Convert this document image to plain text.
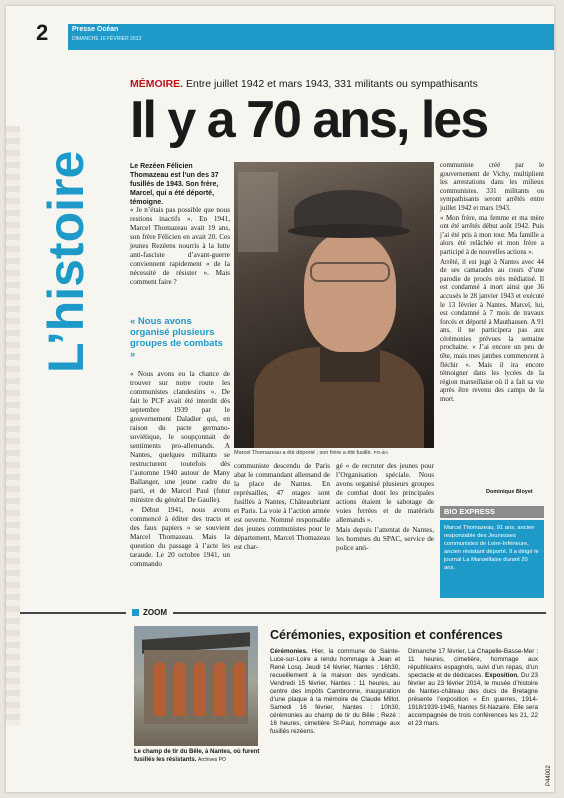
2	Presse Océan
DIMANCHE 16 FÉVRIER 2013
L’histoire
MÉMOIRE. Entre juillet 1942 et mars 1943, 331 militants ou sympathisants
Il y a 70 ans, les
Le Rezéen Félicien Thomazeau est l’un des 37 fusillés de 1943. Son frère, Marcel, qui a été déporté, témoigne.

« Je n’étais pas possible que nous restions inactifs ». En 1941, Marcel Thomazeau avait 19 ans, son frère Félicien en avait 20. Ces jeunes Rezéens nourris à la lutte anti-fasciste d’avant-guerre conviennent rapidement « de la nécessité de résister ». Mais comment faire ?

« Nous avons organisé plusieurs groupes de combats »

« Nous avons eu la chance de trouver sur notre route les communistes clandestins ». De fait le PCF avait été interdit dès septembre 1939 par le gouvernement Daladier qui, en raison du pacte germano-soviétique, le soupçonnait de sentiments pro-allemands. A Nantes, quelques militants se restructurent toutefois dès l’automne 1940 autour de Many Ballanger, une jeune cadre du parti, et de Marcel Paul (futur ministre du général De Gaulle).

« Début 1941, nous avons commencé à éditer des tracts et des faux papiers » se souvient Marcel Thomazeau. Mais la question du passage à l’acte les taraude. Le 20 octobre 1941, un commando

Marcel Thomazeau a été déporté ; son frère a été fusillé. PO-dm

communiste descendu de Paris abat le commandant allemand de la place de Nantes. En représailles, 47 otages sont fusillés à Nantes, Châteaubriant et Paris. La voie à l’action armée est ouverte. Nommé responsable des jeunes communistes pour le département, Marcel Thomazeau est char-

gé « de recruter des jeunes pour l’Organisation spéciale. Nous avons organisé plusieurs groupes de combat dont les principales actions étaient le sabotage de voies ferrées et de matériels allemands ».

Mais depuis l’attentat de Nantes, les hommes du SPAC, service de police anti-

communiste créé par le gouvernement de Vichy, multiplient les arrestations dans les milieux communistes. 331 militants ou sympathisants seront arrêtés entre juillet 1942 et mars 1943.

« Mon frère, ma femme et ma mère ont été arrêtés début août 1942. Puis j’ai été pris à mon tour. Ma famille a alors été relâchée et mon frère a participé à de nouvelles actions ».

Arrêté, il est jugé à Nantes avec 44 de ses camarades au cours d’une parodie de procès très médiatisé. Il est condamné à mort ainsi que 36 accusés le 28 janvier 1943 et exécuté le 13 février à Nantes. Marcel, lui, est condamné à 7 mois de travaux forcés et déporté à Mauthausen. A 91 ans, il ne participera pas aux cérémonies prévues la semaine prochaine. « J’ai encore un peu de tête, mais mes jambes commencent à fléchir ». Mais il ira encore témoigner dans les lycées de la région marseillaise où il a fait sa vie après être revenu des camps de la mort.

Dominique Bloyet
BIO EXPRESS
Marcel Thomazeau, 91 ans, ancien responsable des Jeunesses communistes de Loire-Inférieure, ancien résistant déporté. Il a dirigé le journal La Marseillaise durant 20 ans.
ZOOM
Le champ de tir du Bêle, à Nantes, où furent fusillés les résistants. Archives PO
Cérémonies, exposition et conférences
Cérémonies. Hier, la commune de Sainte-Luce-sur-Loire a rendu hommage à Jean et René Losq. Jeudi 14 février, Nantes : 16h30, recueillement à la maison des syndicats. Vendredi 15 février, Nantes : 11 heures, au centre des impôts Cambronne, inauguration d’une plaque à la mémoire de Claude Millot. Samedi 16 février, Nantes : 10h30, cérémonies au champ de tir du Bêle ; Rezé : 16 heures, cimetière St-Paul, hommage aux fusillés rezéens.
Dimanche 17 février, La Chapelle-Basse-Mer : 11 heures, cimetière, hommage aux républicains espagnols, suivi d’un repas, d’un spectacle et de dédicaces. Exposition. Du 23 février au 23 février 2014, le musée d’histoire de Nantes-château des ducs de Bretagne présente l’exposition « En guerres, 1914-1918/1939-1945, Nantes St-Nazaire. Elle sera accompagnée de trois conférences les 21, 22 et 23 mars.
P44002
